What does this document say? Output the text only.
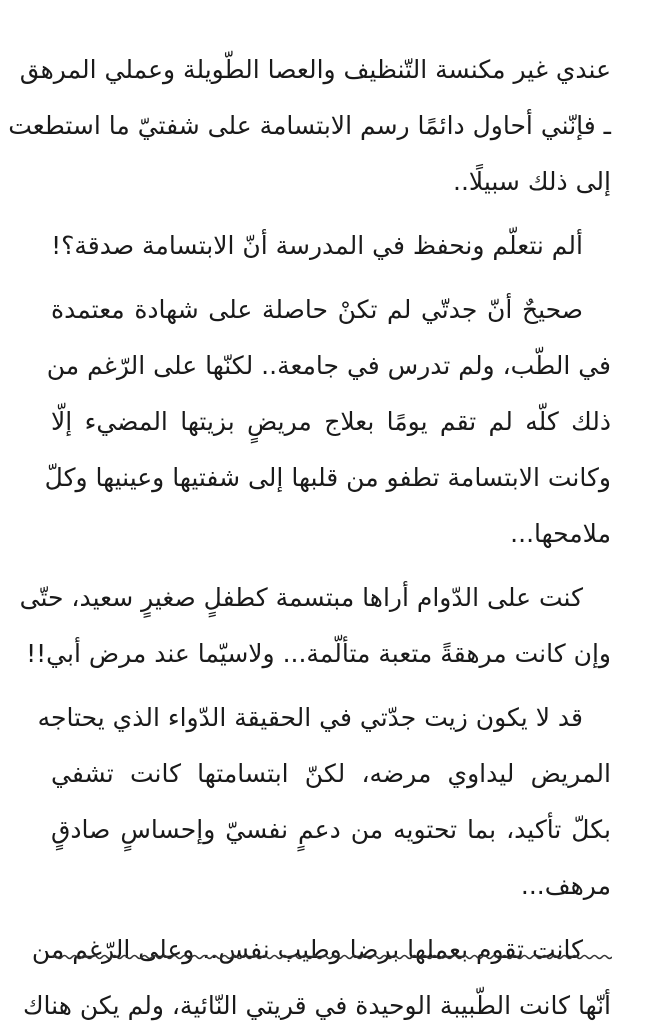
عندي غير مكنسة التّنظيف والعصا الطّويلة وعملي المرهق
ـ فإنّني أحاول دائمًا رسم الابتسامة على شفتيّ ما استطعت
إلى ذلك سبيلًا..

ألم نتعلّم ونحفظ في المدرسة أنّ الابتسامة صدقة؟!

صحيحٌ أنّ جدتّي لم تكنْ حاصلة على شهادة معتمدة
في الطّب، ولم تدرس في جامعة.. لكنّها على الرّغم من
ذلك كلّه لم تقم يومًا بعلاج مريضٍ بزيتها المضيء إلّا
وكانت الابتسامة تطفو من قلبها إلى شفتيها وعينيها وكلّ
ملامحها...

كنت على الدّوام أراها مبتسمة كطفلٍ صغيرٍ سعيد، حتّى
وإن كانت مرهقةً متعبة متألّمة... ولاسيّما عند مرض أبي!!

قد لا يكون زيت جدّتي في الحقيقة الدّواء الذي يحتاجه
المريض ليداوي مرضه، لكنّ ابتسامتها كانت تشفي
بكلّ تأكيد، بما تحتويه من دعمٍ نفسيّ وإحساسٍ صادقٍ
مرهف...

كانت تقوم بعملها برضا وطيب نفس.. وعلى الرّغم من
أنّها كانت الطّبيبة الوحيدة في قريتي النّائية، ولم يكن هناك
